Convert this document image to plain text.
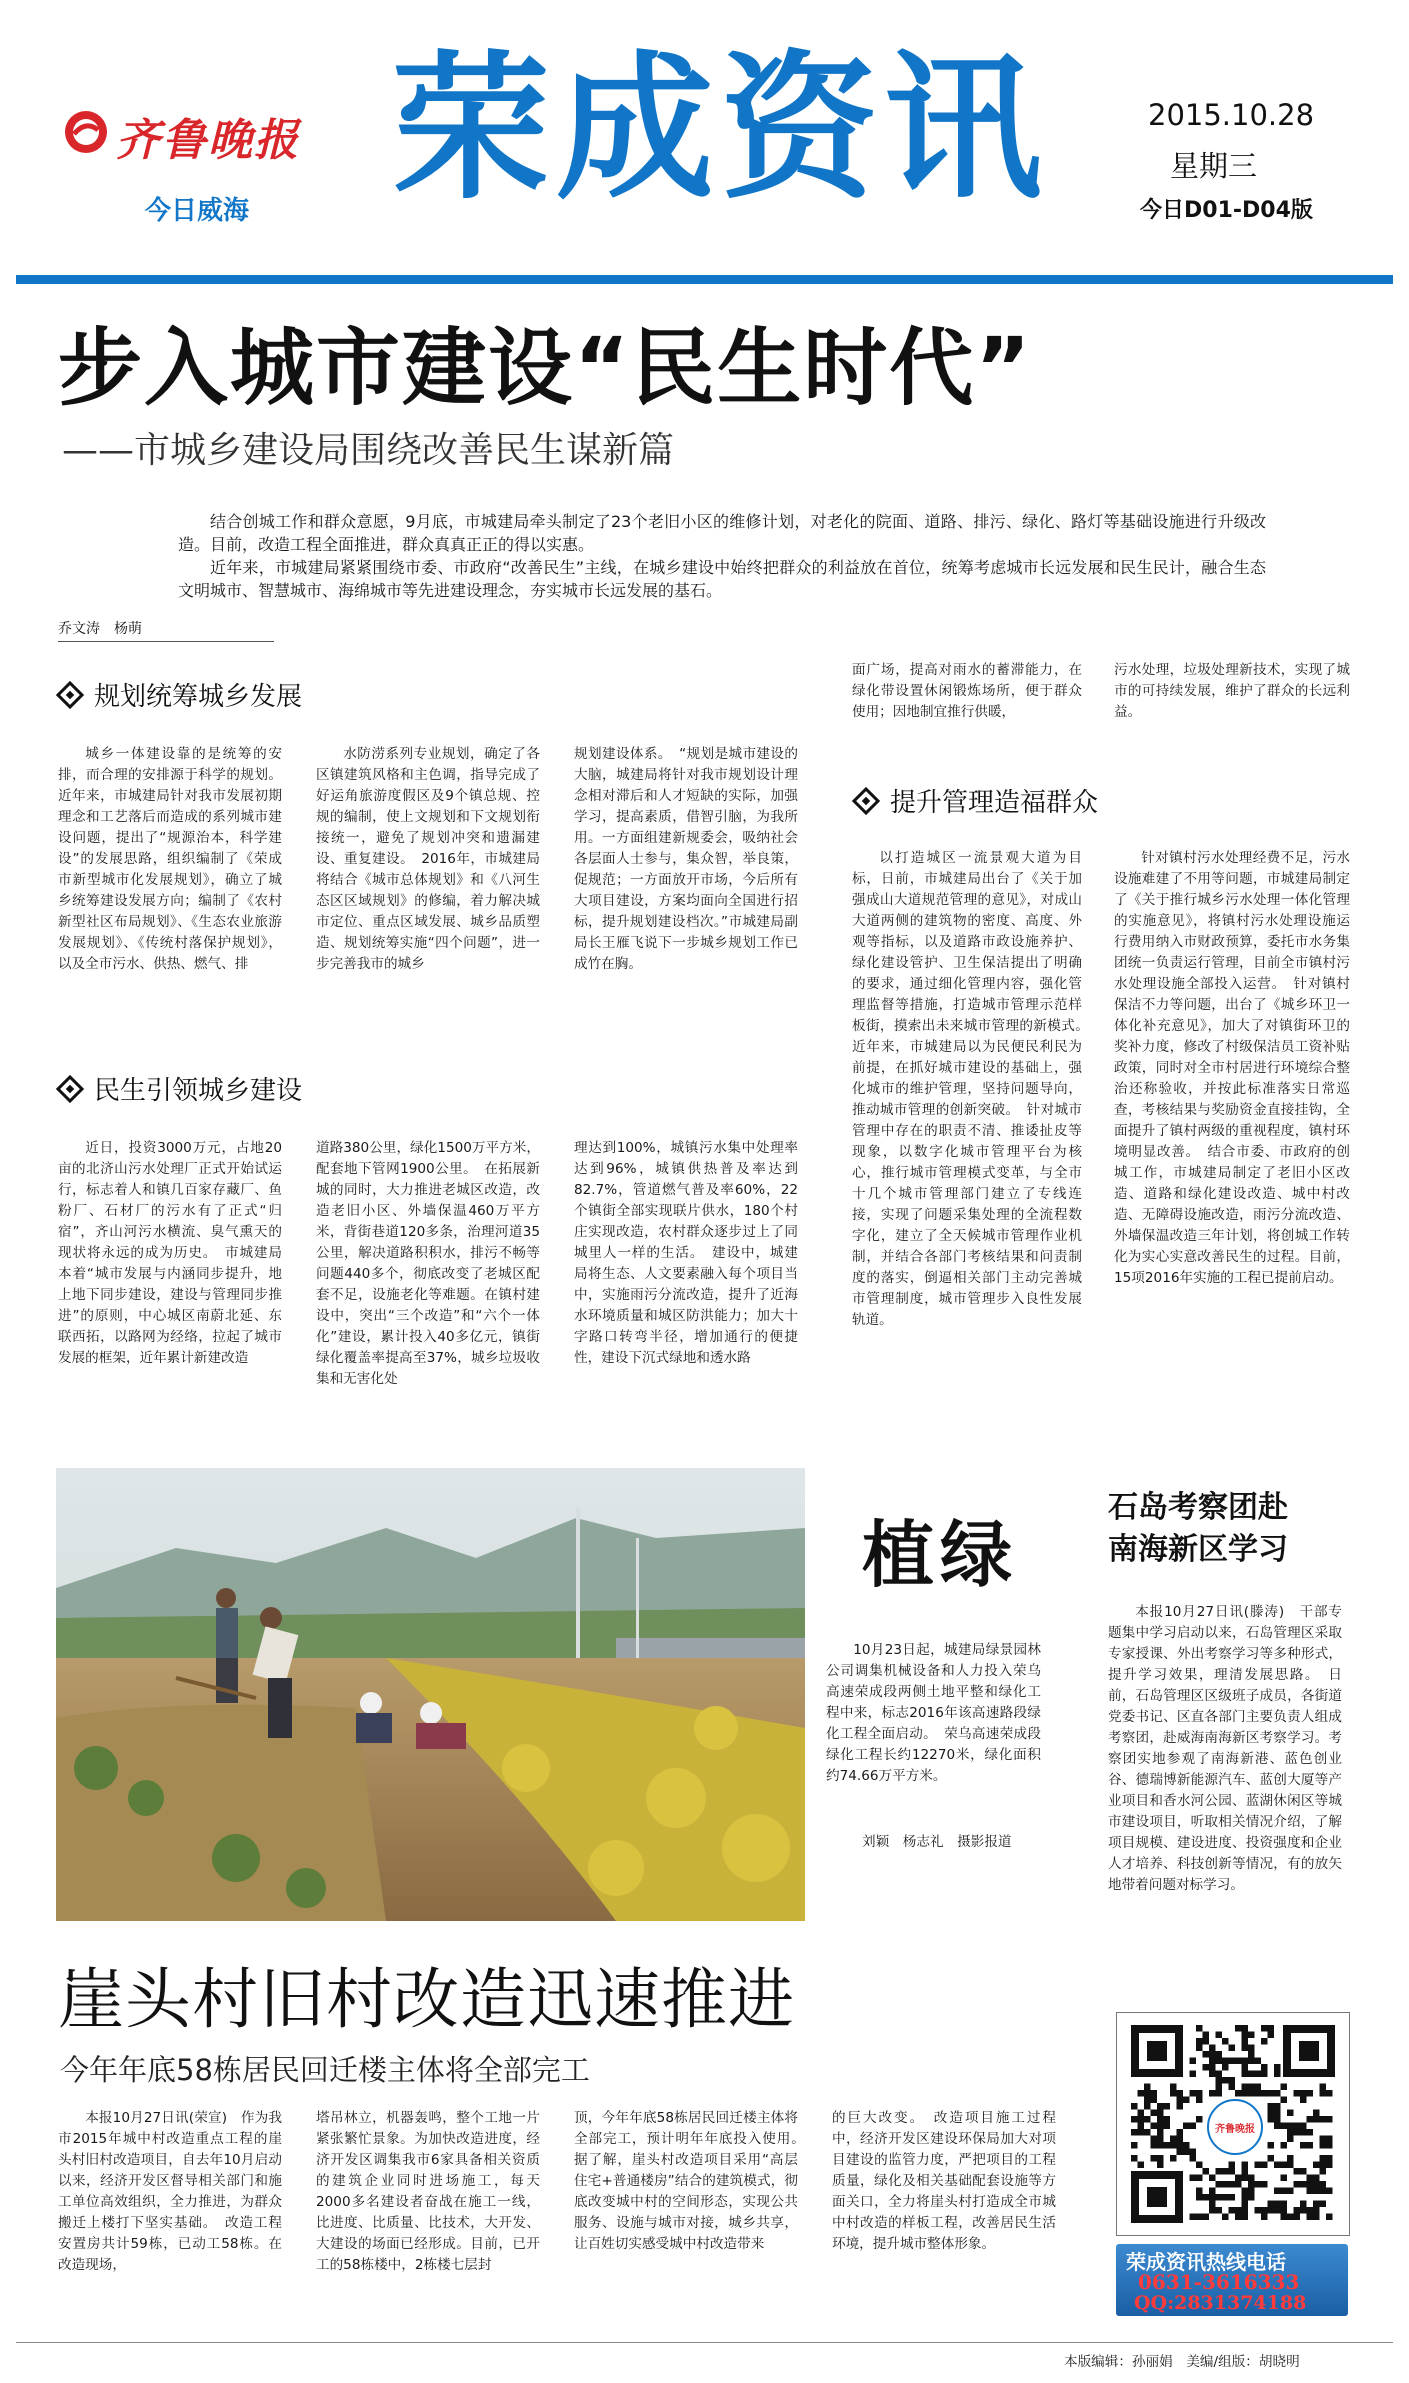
齐鲁晚报
今日威海 荣成资讯	2015.10.28
星期三
今日D01-D04版
步入城市建设“民生时代”
——市城乡建设局围绕改善民生谋新篇

结合创城工作和群众意愿，9月底，市城建局牵头制定了23个老旧小区的维修计划，对老化的院面、道路、排污、绿化、路灯等基础设施进行升级改造。目前，改造工程全面推进，群众真真正正的得以实惠。

近年来，市城建局紧紧围绕市委、市政府“改善民生”主线，在城乡建设中始终把群众的利益放在首位，统筹考虑城市长远发展和民生民计，融合生态文明城市、智慧城市、海绵城市等先进建设理念，夯实城市长远发展的基石。

乔文涛　杨萌
规划统筹城乡发展
城乡一体建设靠的是统筹的安排，而合理的安排源于科学的规划。近年来，市城建局针对我市发展初期理念和工艺落后而造成的系列城市建设问题，提出了“规源治本，科学建设”的发展思路，组织编制了《荣成市新型城市化发展规划》，确立了城乡统筹建设发展方向；编制了《农村新型社区布局规划》、《生态农业旅游发展规划》、《传统村落保护规划》，以及全市污水、供热、燃气、排
水防涝系列专业规划，确定了各区镇建筑风格和主色调，指导完成了好运角旅游度假区及9个镇总规、控规的编制，使上文规划和下文规划衔接统一，避免了规划冲突和遗漏建设、重复建设。　2016年，市城建局将结合《城市总体规划》和《八河生态区区域规划》的修编，着力解决城市定位、重点区域发展、城乡品质塑造、规划统筹实施“四个问题”，进一步完善我市的城乡
规划建设体系。　“规划是城市建设的大脑，城建局将针对我市规划设计理念相对滞后和人才短缺的实际，加强学习，提高素质，借智引脑，为我所用。一方面组建新规委会，吸纳社会各层面人士参与，集众智，举良策，促规范；一方面放开市场，今后所有大项目建设，方案均面向全国进行招标，提升规划建设档次。”市城建局副局长王雁飞说下一步城乡规划工作已成竹在胸。
民生引领城乡建设
近日，投资3000万元，占地20亩的北济山污水处理厂正式开始试运行，标志着人和镇几百家存藏厂、鱼粉厂、石材厂的污水有了正式“归宿”，齐山河污水横流、臭气熏天的现状将永远的成为历史。　市城建局本着“城市发展与内涵同步提升，地上地下同步建设，建设与管理同步推进”的原则，中心城区南蔚北延、东联西拓，以路网为经络，拉起了城市发展的框架，近年累计新建改造
道路380公里，绿化1500万平方米，配套地下管网1900公里。　在拓展新城的同时，大力推进老城区改造，改造老旧小区、外墙保温460万平方米，背街巷道120多条，治理河道35公里，解决道路积积水，排污不畅等问题440多个，彻底改变了老城区配套不足，设施老化等难题。在镇村建设中，突出“三个改造”和“六个一体化”建设，累计投入40多亿元，镇街绿化覆盖率提高至37%，城乡垃圾收集和无害化处
理达到100%，城镇污水集中处理率达到96%，城镇供热普及率达到82.7%，管道燃气普及率60%，22个镇街全部实现联片供水，180个村庄实现改造，农村群众逐步过上了同城里人一样的生活。　建设中，城建局将生态、人文要素融入每个项目当中，实施雨污分流改造，提升了近海水环境质量和城区防洪能力；加大十字路口转弯半径，增加通行的便捷性，建设下沉式绿地和透水路
面广场，提高对雨水的蓄滞能力，在绿化带设置休闲锻炼场所，便于群众使用；因地制宜推行供暖，
污水处理，垃圾处理新技术，实现了城市的可持续发展，维护了群众的长远利益。
提升管理造福群众
以打造城区一流景观大道为目标，日前，市城建局出台了《关于加强成山大道规范管理的意见》，对成山大道两侧的建筑物的密度、高度、外观等指标，以及道路市政设施养护、绿化建设管护、卫生保洁提出了明确的要求，通过细化管理内容，强化管理监督等措施，打造城市管理示范样板街，摸索出未来城市管理的新模式。　近年来，市城建局以为民便民利民为前提，在抓好城市建设的基础上，强化城市的维护管理，坚持问题导向，推动城市管理的创新突破。　针对城市管理中存在的职责不清、推诿扯皮等现象，以数字化城市管理平台为核心，推行城市管理模式变革，与全市十几个城市管理部门建立了专线连接，实现了问题采集处理的全流程数字化，建立了全天候城市管理作业机制，并结合各部门考核结果和问责制度的落实，倒逼相关部门主动完善城市管理制度，城市管理步入良性发展轨道。
针对镇村污水处理经费不足，污水设施难建了不用等问题，市城建局制定了《关于推行城乡污水处理一体化管理的实施意见》，将镇村污水处理设施运行费用纳入市财政预算，委托市水务集团统一负责运行管理，目前全市镇村污水处理设施全部投入运营。　针对镇村保洁不力等问题，出台了《城乡环卫一体化补充意见》，加大了对镇街环卫的奖补力度，修改了村级保洁员工资补贴政策，同时对全市村居进行环境综合整治还称验收，并按此标准落实日常巡查，考核结果与奖励资金直接挂钩，全面提升了镇村两级的重视程度，镇村环境明显改善。　结合市委、市政府的创城工作，市城建局制定了老旧小区改造、道路和绿化建设改造、城中村改造、无障碍设施改造，雨污分流改造、外墙保温改造三年计划，将创城工作转化为实心实意改善民生的过程。目前，15项2016年实施的工程已提前启动。
植绿
10月23日起，城建局绿景园林公司调集机械设备和人力投入荣乌高速荣成段两侧土地平整和绿化工程中来，标志2016年该高速路段绿化工程全面启动。　荣乌高速荣成段绿化工程长约12270米，绿化面积约74.66万平方米。
刘颖　杨志礼　摄影报道
石岛考察团赴
南海新区学习
本报10月27日讯(滕涛)　干部专题集中学习启动以来，石岛管理区采取专家授课、外出考察学习等多种形式，提升学习效果，理清发展思路。　日前，石岛管理区区级班子成员，各街道党委书记、区直各部门主要负责人组成考察团，赴威海南海新区考察学习。考察团实地参观了南海新港、蓝色创业谷、德瑞博新能源汽车、蓝创大厦等产业项目和香水河公园、蓝湖休闲区等城市建设项目，听取相关情况介绍，了解项目规模、建设进度、投资强度和企业人才培养、科技创新等情况，有的放矢地带着问题对标学习。
崖头村旧村改造迅速推进
今年年底58栋居民回迁楼主体将全部完工
本报10月27日讯(荣宣)　作为我市2015年城中村改造重点工程的崖头村旧村改造项目，自去年10月启动以来，经济开发区督导相关部门和施工单位高效组织，全力推进，为群众搬迁上楼打下坚实基础。　改造工程安置房共计59栋，已动工58栋。在改造现场，
塔吊林立，机器轰鸣，整个工地一片紧张繁忙景象。为加快改造进度，经济开发区调集我市6家具备相关资质的建筑企业同时进场施工，每天2000多名建设者奋战在施工一线，比进度、比质量、比技术，大开发、大建设的场面已经形成。目前，已开工的58栋楼中，2栋楼七层封
顶，今年年底58栋居民回迁楼主体将全部完工，预计明年年底投入使用。　据了解，崖头村改造项目采用“高层住宅+普通楼房”结合的建筑模式，彻底改变城中村的空间形态，实现公共服务、设施与城市对接，城乡共享，让百姓切实感受城中村改造带来
的巨大改变。　改造项目施工过程中，经济开发区建设环保局加大对项目建设的监管力度，严把项目的工程质量，绿化及相关基础配套设施等方面关口，全力将崖头村打造成全市城中村改造的样板工程，改善居民生活环境，提升城市整体形象。
齐鲁晚报
荣成资讯热线电话
0631-3616333
QQ:2831374188
本版编辑：孙丽娟　美编/组版：胡晓明
